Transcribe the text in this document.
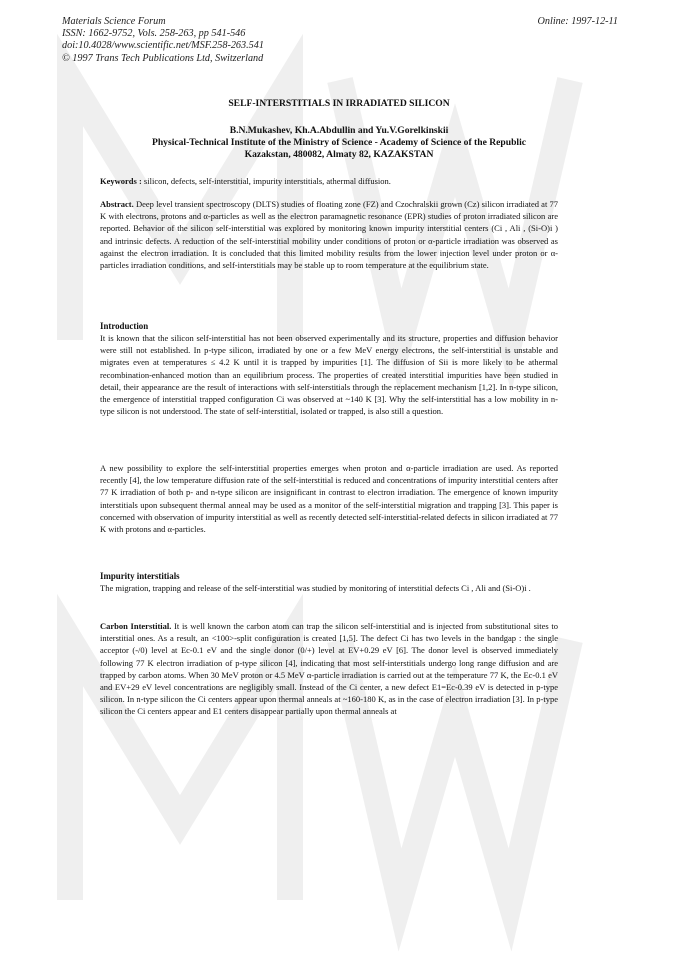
Materials Science Forum
ISSN: 1662-9752, Vols. 258-263, pp 541-546
doi:10.4028/www.scientific.net/MSF.258-263.541
© 1997 Trans Tech Publications Ltd, Switzerland
Online: 1997-12-11
SELF-INTERSTITIALS IN IRRADIATED SILICON
B.N.Mukashev, Kh.A.Abdullin and Yu.V.Gorelkinskii
Physical-Technical Institute of the Ministry of Science - Academy of Science of the Republic
Kazakstan, 480082, Almaty 82, KAZAKSTAN

Keywords : silicon, defects, self-interstitial, impurity interstitials, athermal diffusion.

Abstract. Deep level transient spectroscopy (DLTS) studies of floating zone (FZ) and Czochralskii grown (Cz) silicon irradiated at 77 K with electrons, protons and α-particles as well as the electron paramagnetic resonance (EPR) studies of proton irradiated silicon are reported. Behavior of the silicon self-interstitial was explored by monitoring known impurity interstitial centers (Ci , Ali , (Si-O)i ) and intrinsic defects. A reduction of the self-interstitial mobility under conditions of proton or α-particle irradiation was observed as against the electron irradiation. It is concluded that this limited mobility results from the lower injection level under proton or α-particles irradiation conditions, and self-interstitials may be stable up to room temperature at the equilibrium state.

Introduction

It is known that the silicon self-interstitial has not been observed experimentally and its structure, properties and diffusion behavior were still not established. In p-type silicon, irradiated by one or a few MeV energy electrons, the self-interstitial is unstable and migrates even at temperatures ≤ 4.2 K until it is trapped by impurities [1]. The diffusion of Sii is more likely to be athermal recombination-enhanced motion than an equilibrium process. The properties of created interstitial impurities have been studied in detail, their appearance are the result of interactions with self-interstitials through the replacement mechanism [1,2]. In n-type silicon, the emergence of interstitial trapped configuration Ci was observed at ~140 K [3]. Why the self-interstitial has a low mobility in n-type silicon is not understood. The state of self-interstitial, isolated or trapped, is also still a question.

A new possibility to explore the self-interstitial properties emerges when proton and α-particle irradiation are used. As reported recently [4], the low temperature diffusion rate of the self-interstitial is reduced and concentrations of impurity interstitial centers after 77 K irradiation of both p- and n-type silicon are insignificant in contrast to electron irradiation. The emergence of known impurity interstitials upon subsequent thermal anneal may be used as a monitor of the self-interstitial migration and trapping [3]. This paper is concerned with observation of impurity interstitial as well as recently detected self-interstitial-related defects in silicon irradiated at 77 K with protons and α-particles.

Impurity interstitials

The migration, trapping and release of the self-interstitial was studied by monitoring of interstitial defects Ci , Ali and (Si-O)i .

Carbon Interstitial. It is well known the carbon atom can trap the silicon self-interstitial and is injected from substitutional sites to interstitial ones. As a result, an <100>-split configuration is created [1,5]. The defect Ci has two levels in the bandgap : the single acceptor (-/0) level at Ec-0.1 eV and the single donor (0/+) level at EV+0.29 eV [6]. The donor level is observed immediately following 77 K electron irradiation of p-type silicon [4], indicating that most self-interstitials undergo long range diffusion and are trapped by carbon atoms. When 30 MeV proton or 4.5 MeV α-particle irradiation is carried out at the temperature 77 K, the Ec-0.1 eV and EV+29 eV level concentrations are negligibly small. Instead of the Ci center, a new defect E1=Ec-0.39 eV is detected in p-type silicon. In n-type silicon the Ci centers appear upon thermal anneals at ~160-180 K, as in the case of electron irradiation [3]. In p-type silicon the Ci centers appear and E1 centers disappear partially upon thermal anneals at
